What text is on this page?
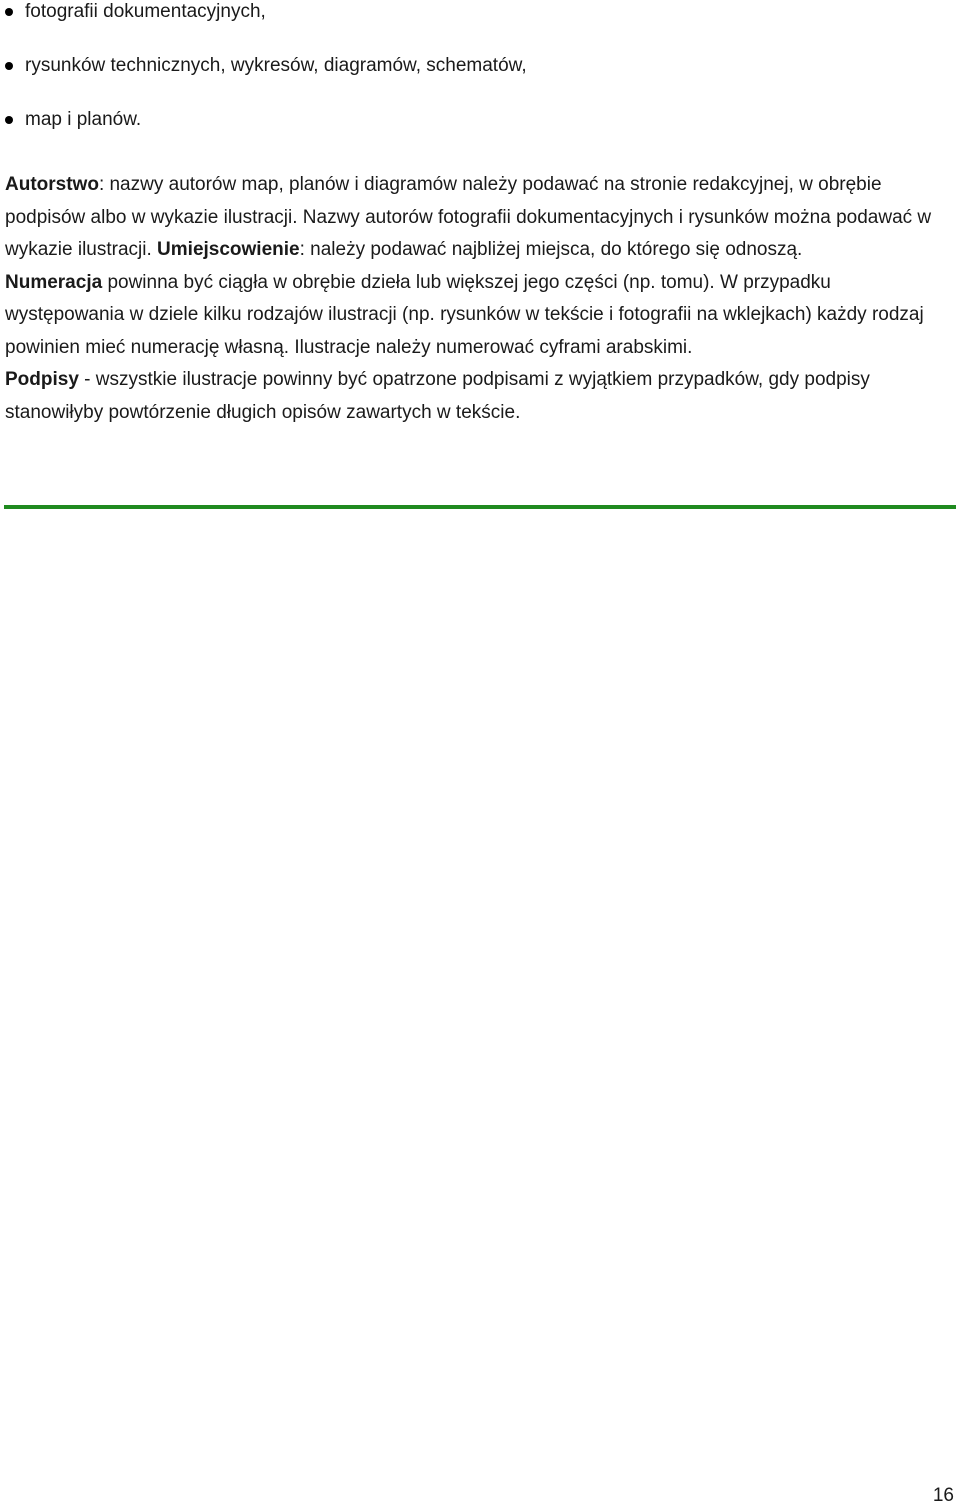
fotografii dokumentacyjnych,
rysunków technicznych, wykresów, diagramów, schematów,
map i planów.

Autorstwo: nazwy autorów map, planów i diagramów należy podawać na stronie redakcyjnej, w obrębie podpisów albo w wykazie ilustracji. Nazwy autorów fotografii dokumentacyjnych i rysunków można podawać w wykazie ilustracji. Umiejscowienie: należy podawać najbliżej miejsca, do którego się odnoszą.

Numeracja powinna być ciągła w obrębie dzieła lub większej jego części (np. tomu). W przypadku występowania w dziele kilku rodzajów ilustracji (np. rysunków w tekście i fotografii na wklejkach) każdy rodzaj powinien mieć numerację własną. Ilustracje należy numerować cyframi arabskimi.

Podpisy - wszystkie ilustracje powinny być opatrzone podpisami z wyjątkiem przypadków, gdy podpisy stanowiłyby powtórzenie długich opisów zawartych w tekście.

16
